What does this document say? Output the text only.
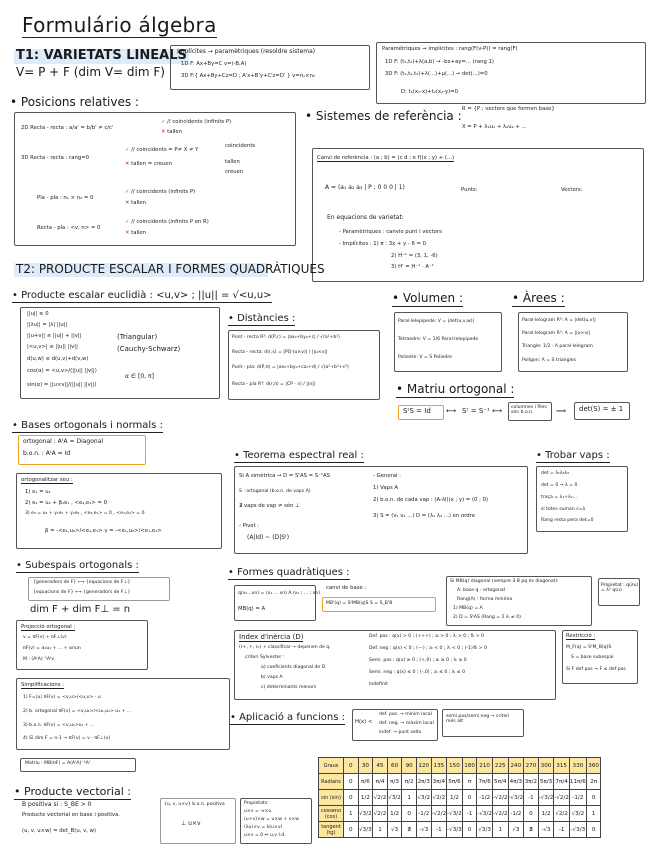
Formulário álgebra
T1: VARIETATS LINEALS
V= P + F (dim V= dim F)
Implícites → paramètriques (resoldre sistema)
1D F: Ax+By=C v=(-B,A)
3D F:{ Ax+By+Cz=D ; A'x+B'y+C'z=D' } v=n₁×n₂
Paramètriques → implícites : rang(F(v-P)) = rang(F)
1D F: (t₁,t₂)+λ(a,b) → -bx+ay=... (rang 1)
3D F: (t₁,t₂,t₃)+λ(...)+μ(...) → det(...)=0
D: t₁(x₁-x)+t₂(x₂-y)=0
• Posicions relatives :
2D Recta - recta : a/a' = b/b' ≠ c/c'
✓ // coincidents (infinits P)
✕ tallen
3D Recta - recta : rang=0
✓ // coincidents = P≠ X ≠ Y
✕ tallen = creuen
coincidents
tallen
creuen
Pla - pla : n₁ × n₂ = 0
✓ // coincidents (infinits P)
✕ tallen
Recta - pla : <v, n> = 0
✓ // coincidents (infinits P en R)
✕ tallen
• Sistemes de referència : R = {P ; vectors que formen base}
X = P + λ₁u₁ + λ₂u₂ + ...
Canvi de referència : (a ; b) = (c d ; e f)(x ; y) + (...)
A = (a₁ a₂ a₃ | P ; 0 0 0 | 1)	Punts:	Vectors:
En equacions de varietat:
- Paramètriques : canvio punt i vectors
- Implícites : 1) π : 3x + y - 6 = 0
2) H⁻¹ = (3, 1, -6)
3) H' = H⁻¹ · A⁻¹
T2: PRODUCTE ESCALAR I FORMES QUADRÀTIQUES
• Producte escalar euclidià : <u,v> ; ||u|| = √<u,u>
||u|| ≥ 0
||λu|| = |λ| ||u||
||u+v|| ≤ ||u|| + ||v||
|<u,v>| ≤ ||u|| ||v||
d(u,w) ≤ d(u,v)+d(v,w)
cos(α) = <u,v>/(||u|| ||v||)
sin(α) = ||u×v||/(||u|| ||v||)
(Triangular)
(Cauchy-Schwarz)
α ∈ [0, π]
• Distàncies :
Punt - recta R²: d(P,r) = |ax₀+by₀+c| / √(a²+b²)
Recta - recta: d(r,s) = |PQ·(u×v)| / ||u×v||
Punt - pla: d(P,π) = |ax₀+by₀+cz₀+d| / √(a²+b²+c²)
Recta - pla R³: d(r,π) = |CP · n| / ||n||
• Volumen :
Paral·lelepípede: V = |det(u,v,w)|
Tetraedre: V = 1/6 Paral·lelepípede
Poliedre: V = S Poliedre
• Àrees :
Paral·lelogram R²: A = |det(u,v)|
Paral·lelogram R³: A = ||u×v||
Triangle: 1/2 · A paral·lelogram
Polígon: A = S triangles
• Matriu ortogonal :
SᵗS = Id ⟷ Sᵗ = S⁻¹ ⟷ columnes i files són b.o.n.	⟹ det(S) = ± 1
• Bases ortogonals i normals :
ortogonal : AᵗA = Diagonal
b.o.n. : AᵗA = Id
ortogonalitzar seu :
1) e₁ = u₁
2) e₂ = u₂ + β₁e₁ , <e₂,e₁> = 0
3) e₃ = u₃ + γ₁e₁ + γ₂e₂ , <e₃,e₁> = 0 , <e₃,e₂> = 0
β = -<e₁,u₂>/<e₁,e₁> γ = -<e₁,u₃>/<e₁,e₁>
• Teorema espectral real :
Si A simètrica → D = SᵗAS = S⁻¹AS
S : ortogonal (b.o.n. de vaps A)
∄ vaps de vap ≠ són ⊥
- Pivot :
(A|Id) ~ (D|Sᵗ)
- General :
1) Vaps A
2) b.o.n. de cada vap : (A-λI)(x ; y) = (0 ; 0)
3) S = (v₁ v₂ ...) D = (λ₁ λ₂ ...) en ordre
• Trobar vaps :
det = λ₁λ₂λ₃
det = 0 → λ = 0
traça = λ₁+λ₂...
si totes suman c=λ
Rang resta pera det=0
• Subespais ortogonals :
{generadors de F} ⟷ {equacions de F⊥}
{equacions de F} ⟷ {generadors de F⊥}
dim F + dim F⊥ = n
Projecció ortogonal :
v = πF(v) + πF⊥(v)
πF(v) = α₁u₁ + ... + αnun
M : (AᵗA)⁻¹Aᵗv
Simplificacions :
1) F=⟨u⟩ πF(v) = <v,u>/<u,u> · u
2) b. ortogonal πF(v) = <v,u₁>/<u₁,u₁> u₁ + ...
3) b.o.n. πF(v) = <v,u₁>u₁ + ...
4) Si dim F = n-1 → πF(v) = v - πF⊥(v)
Matriu : MB(πF) = A(AᵗA)⁻¹Aᵗ
• Formes quadràtiques :
q(x₁...xn) = (x₁ ... xn) A (x₁ ; ... ; xn)
MB(q) = A
canvi de base :
MB'(q) = SᵗMB(q)S S = S_B'B
Si MB(q) diagonal (sempre ∃ B pq és diagonal):
A: base q - ortogonal
Rang(A) : forma mínima
1) MB(q) = A
2) D = SᵗAS (Rang = Σ λᵢ ≠ 0)
Propietat : q(λu) = λ² q(u)
Index d'inèrcia (D)
(r+, r-, r₀) + classificar → depenen de q.
criteri Sylvester :
a) coeficients diagonal de D
b) vaps A
c) determinants menors
Def. pos : q(x) > 0 ; (+++) ; aᵢ > 0 ; λᵢ > 0 ; δᵢ > 0
Def. neg : q(x) < 0 ; (---) ; aᵢ < 0 ; λᵢ < 0 ; (-1)ⁱδᵢ > 0
Semi. pos : q(x) ≥ 0 ; (+,0) ; aᵢ ≥ 0 ; λᵢ ≥ 0
Semi. neg : q(x) ≤ 0 ; (-,0) ; aᵢ ≤ 0 ; λᵢ ≤ 0
Indefinit
Restricció :
M_F(q) = SᵗM_B(q)S
S = base subespai
Si F def pos → F ≤ def pos
• Aplicació a funcions : H(x) <
def. pos. → mínim local
def. neg. → màxim local
indef. → punt sella
semi pos/semi neg → criteri més alt
• Producte vectorial :
B positiva si : S_BE > 0
Producte vectorial en base i positiva.
(u, v, u×w) = det_B(u, v, w)
{u, v, u×v} b.o.n. positiva
⊥ u×v
Propietats:
u×v = -v×u
(u+v)×w = u×w + v×w
(λu)×v = λ(u×v)
u×v = 0 ⇔ u,v l.d.
Graus	0	30	45	60	90	120	135	150	180	210	225	240	270	300	315	330	360
Radians	0	π/6	π/4	π/3	π/2	2π/3	3π/4	5π/6	π	7π/6	5π/4	4π/3	3π/2	5π/3	7π/4	11π/6	2π
sin (sin)	0	1/2	√2/2	√3/2	1	√3/2	√2/2	1/2	0	-1/2	-√2/2	-√3/2	-1	-√3/2	-√2/2	-1/2	0
cosseno (cos)	1	√3/2	√2/2	1/2	0	-1/2	-√2/2	-√3/2	-1	-√3/2	-√2/2	-1/2	0	1/2	√2/2	√3/2	1
tangent (tg)	0	√3/3	1	√3	∄	-√3	-1	-√3/3	0	√3/3	1	√3	∄	-√3	-1	-√3/3	0
